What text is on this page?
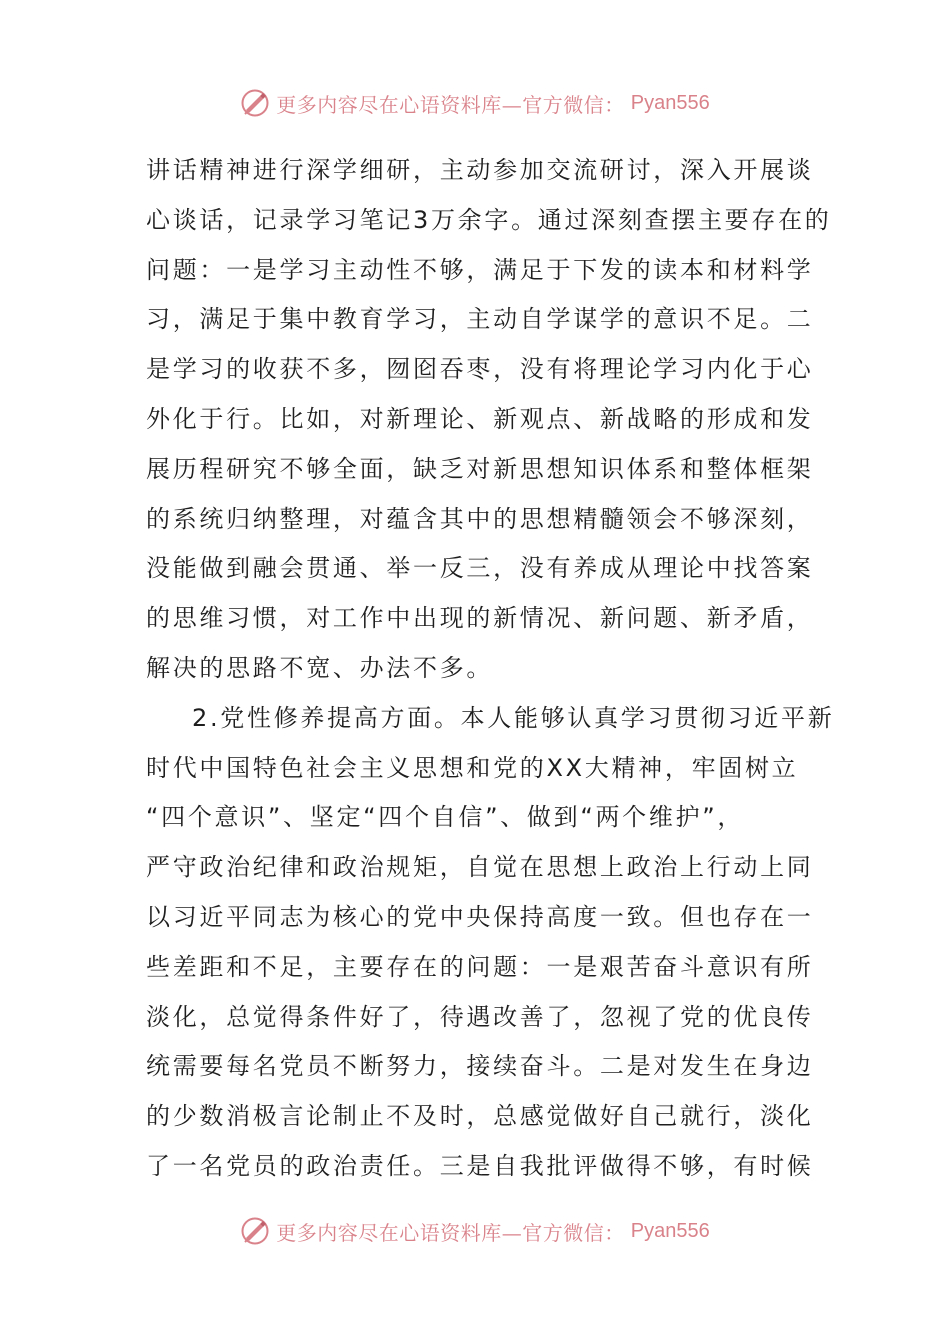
更多内容尽在心语资料库—官方微信： Pyan556
讲话精神进行深学细研，主动参加交流研讨，深入开展谈
心谈话，记录学习笔记3万余字。通过深刻查摆主要存在的
问题：一是学习主动性不够，满足于下发的读本和材料学
习，满足于集中教育学习，主动自学谋学的意识不足。二
是学习的收获不多，囫囵吞枣，没有将理论学习内化于心
外化于行。比如，对新理论、新观点、新战略的形成和发
展历程研究不够全面，缺乏对新思想知识体系和整体框架
的系统归纳整理，对蕴含其中的思想精髓领会不够深刻，
没能做到融会贯通、举一反三，没有养成从理论中找答案
的思维习惯，对工作中出现的新情况、新问题、新矛盾，
解决的思路不宽、办法不多。
2.党性修养提高方面。本人能够认真学习贯彻习近平新
时代中国特色社会主义思想和党的XX大精神，牢固树立
“四个意识”、坚定“四个自信”、做到“两个维护”，
严守政治纪律和政治规矩，自觉在思想上政治上行动上同
以习近平同志为核心的党中央保持高度一致。但也存在一
些差距和不足，主要存在的问题：一是艰苦奋斗意识有所
淡化，总觉得条件好了，待遇改善了，忽视了党的优良传
统需要每名党员不断努力，接续奋斗。二是对发生在身边
的少数消极言论制止不及时，总感觉做好自己就行，淡化
了一名党员的政治责任。三是自我批评做得不够，有时候
更多内容尽在心语资料库—官方微信： Pyan556
